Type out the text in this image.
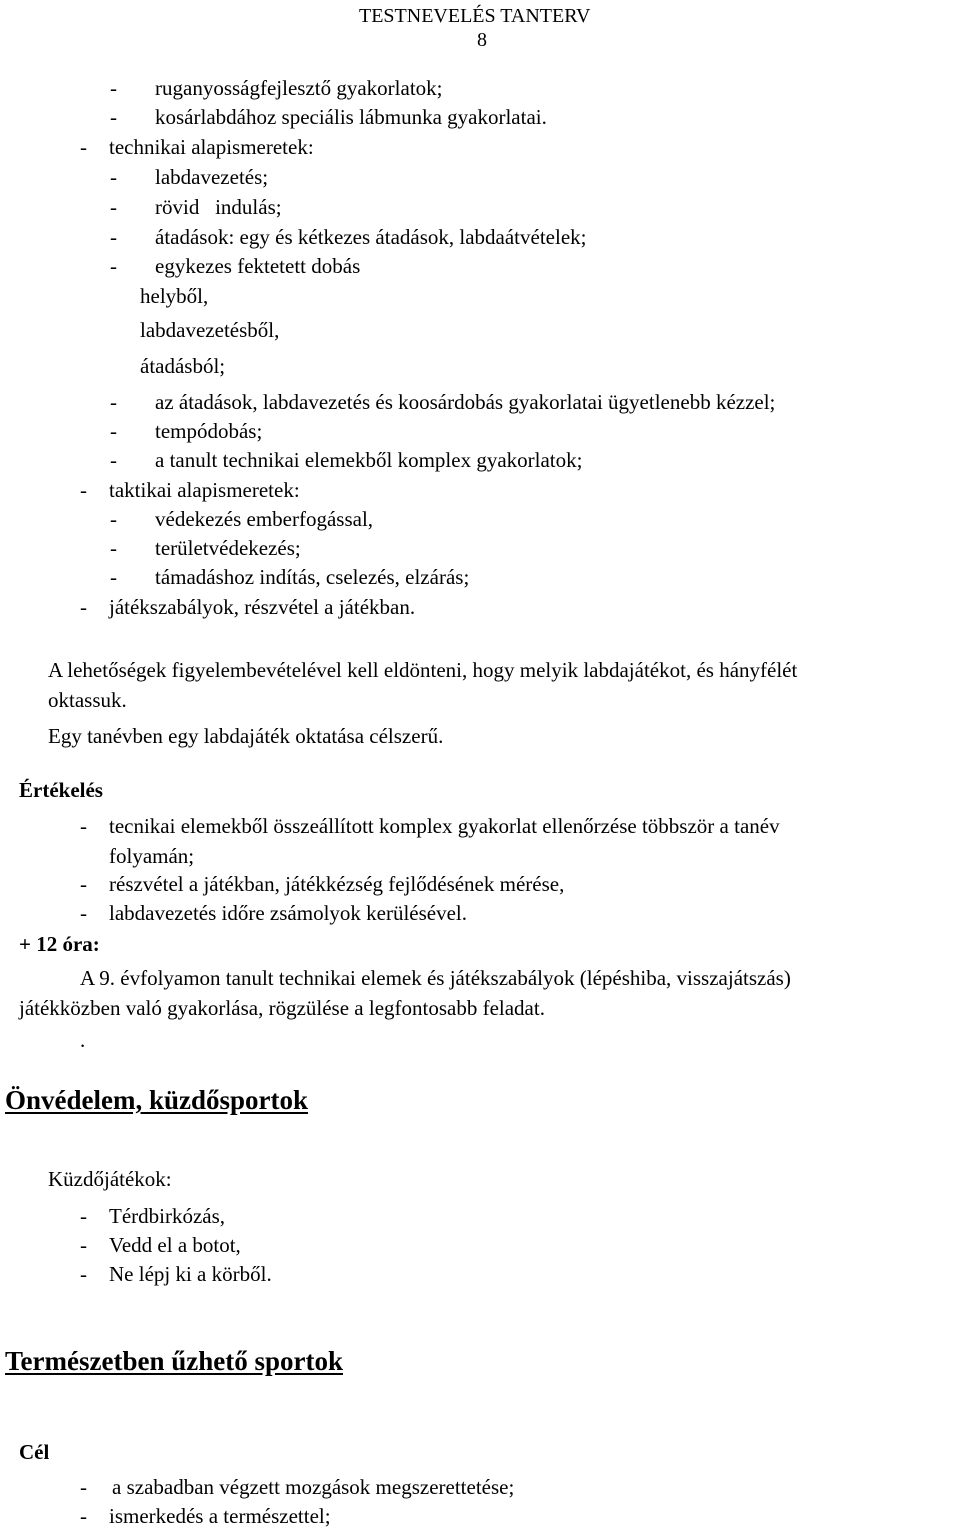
TESTNEVELÉS TANTERV
8
- ruganyosságfejlesztő gyakorlatok;
- kosárlabdához speciális lábmunka gyakorlatai.
- technikai alapismeretek:
- labdavezetés;
- rövid   indulás;
- átadások: egy és kétkezes átadások, labdaátvételek;
- egykezes fektetett dobás
helyből,
labdavezetésből,
átadásból;
- az átadások, labdavezetés és koosárdobás gyakorlatai ügyetlenebb kézzel;
- tempódobás;
- a tanult technikai elemekből komplex gyakorlatok;
- taktikai alapismeretek:
- védekezés emberfogással,
- területvédekezés;
- támadáshoz indítás, cselezés, elzárás;
- játékszabályok, részvétel a játékban.
A lehetőségek figyelembevételével kell eldönteni, hogy melyik labdajátékot, és hányfélét
oktassuk.
Egy tanévben egy labdajáték oktatása célszerű.
Értékelés
- tecnikai elemekből összeállított komplex gyakorlat ellenőrzése többször a tanév
folyamán;
- részvétel a játékban, játékkézség fejlődésének mérése,
- labdavezetés időre zsámolyok kerülésével.
+ 12 óra:
A 9. évfolyamon tanult technikai elemek és játékszabályok (lépéshiba, visszajátszás)
játékközben való gyakorlása, rögzülése a legfontosabb feladat.
.
Önvédelem, küzdősportok
Küzdőjátékok:
- Térdbirkózás,
- Vedd el a botot,
- Ne lépj ki a körből.
Természetben űzhető sportok
Cél
- a szabadban végzett mozgások megszerettetése;
- ismerkedés a természettel;
